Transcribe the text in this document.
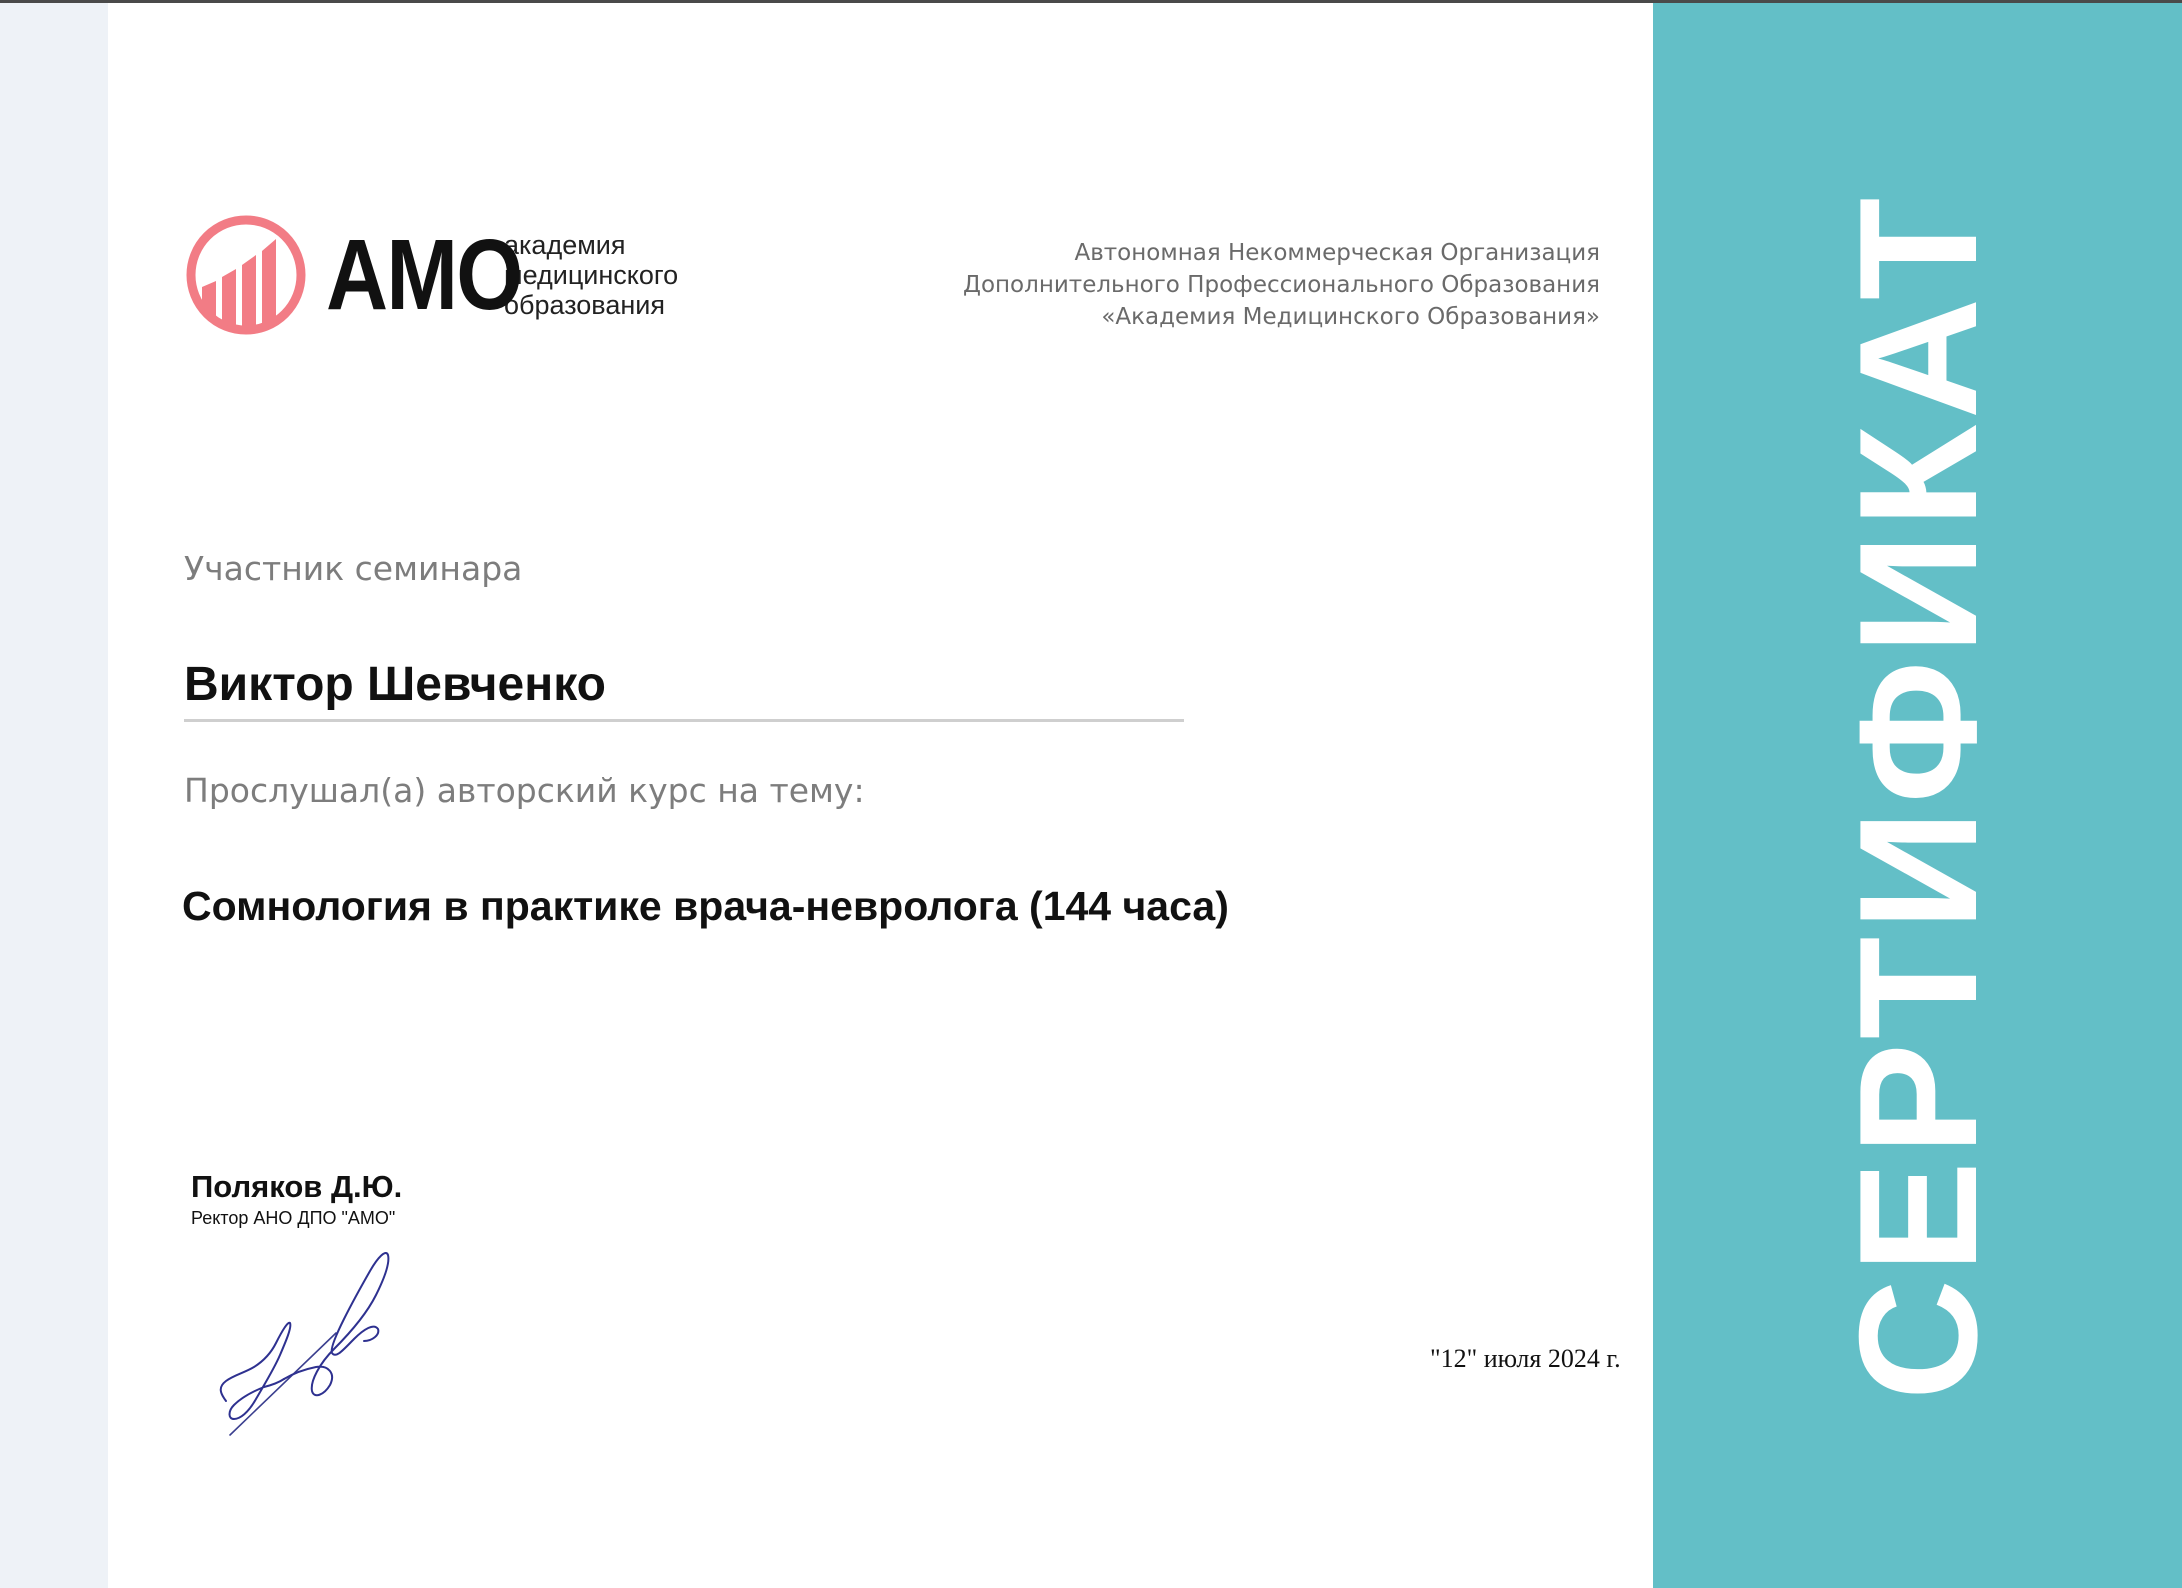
АМО
академия
медицинского
образования
Автономная Некоммерческая Организация
Дополнительного Профессионального Образования
«Академия Медицинского Образования»
Участник семинара
Виктор Шевченко
Прослушал(а) авторский курс на тему:
Сомнология в практике врача-невролога (144 часа)
Поляков Д.Ю.
Ректор АНО ДПО "АМО"
"12" июля 2024 г. СЕРТИФИКАТ
